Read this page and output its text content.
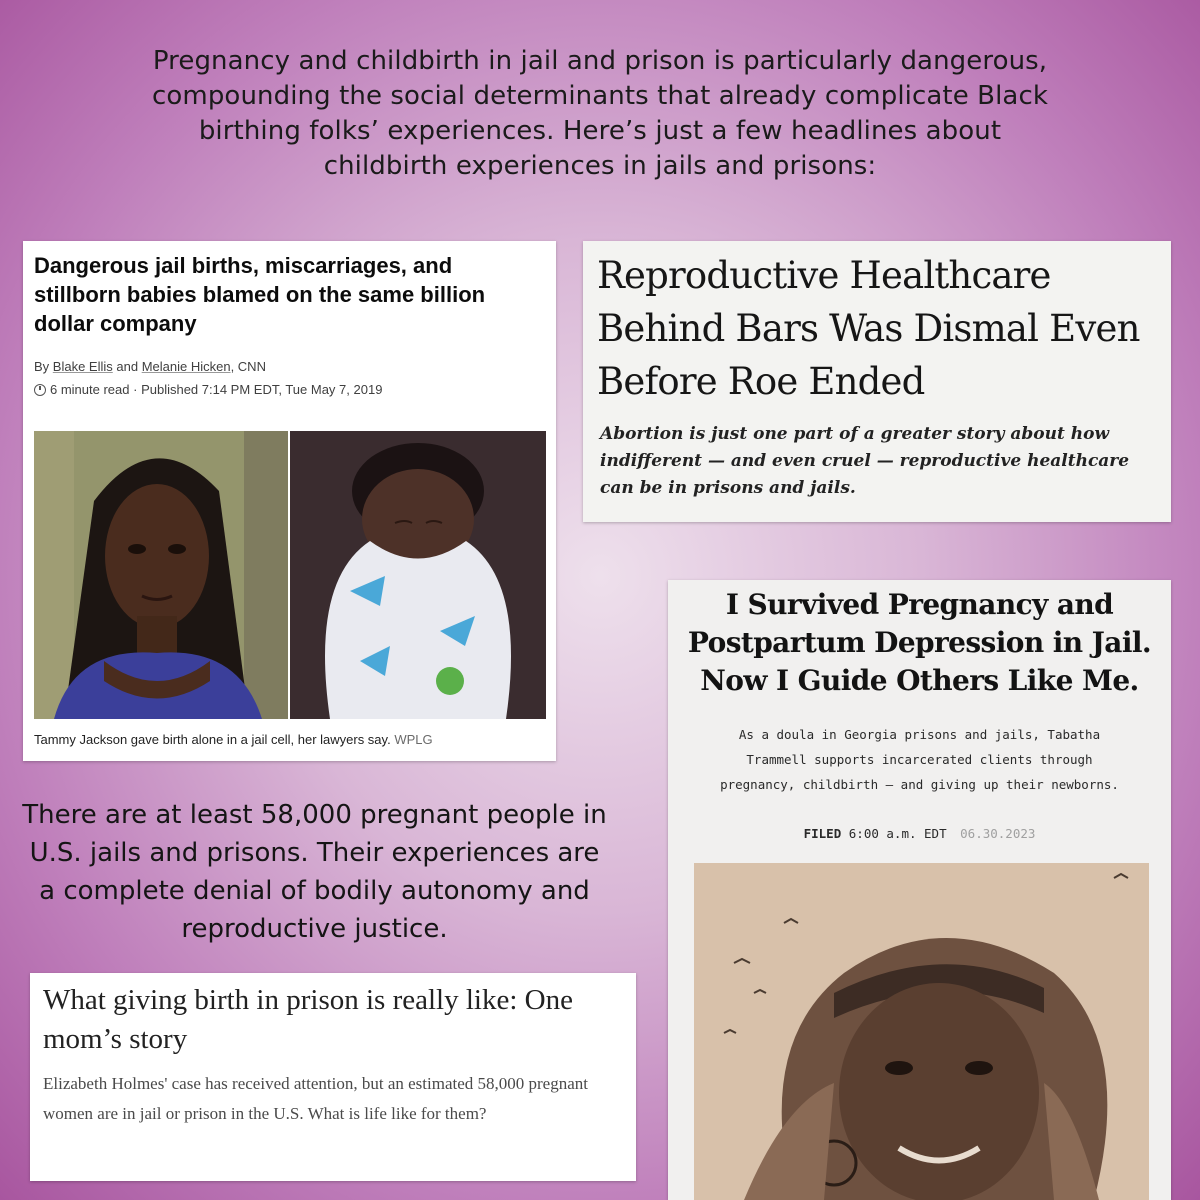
Pregnancy and childbirth in jail and prison is particularly dangerous, compounding the social determinants that already complicate Black birthing folks’ experiences. Here’s just a few headlines about childbirth experiences in jails and prisons:
Dangerous jail births, miscarriages, and stillborn babies blamed on the same billion dollar company
By Blake Ellis and Melanie Hicken, CNN
6 minute read · Published 7:14 PM EDT, Tue May 7, 2019
Tammy Jackson gave birth alone in a jail cell, her lawyers say. WPLG
Reproductive Healthcare Behind Bars Was Dismal Even Before Roe Ended
Abortion is just one part of a greater story about how indifferent — and even cruel — reproductive healthcare can be in prisons and jails.
I Survived Pregnancy and Postpartum Depression in Jail. Now I Guide Others Like Me.
As a doula in Georgia prisons and jails, Tabatha Trammell supports incarcerated clients through pregnancy, childbirth — and giving up their newborns.
FILED 6:00 a.m. EDT 06.30.2023
There are at least 58,000 pregnant people in U.S. jails and prisons. Their experiences are a complete denial of bodily autonomy and reproductive justice.
What giving birth in prison is really like: One mom’s story
Elizabeth Holmes' case has received attention, but an estimated 58,000 pregnant women are in jail or prison in the U.S. What is life like for them?
